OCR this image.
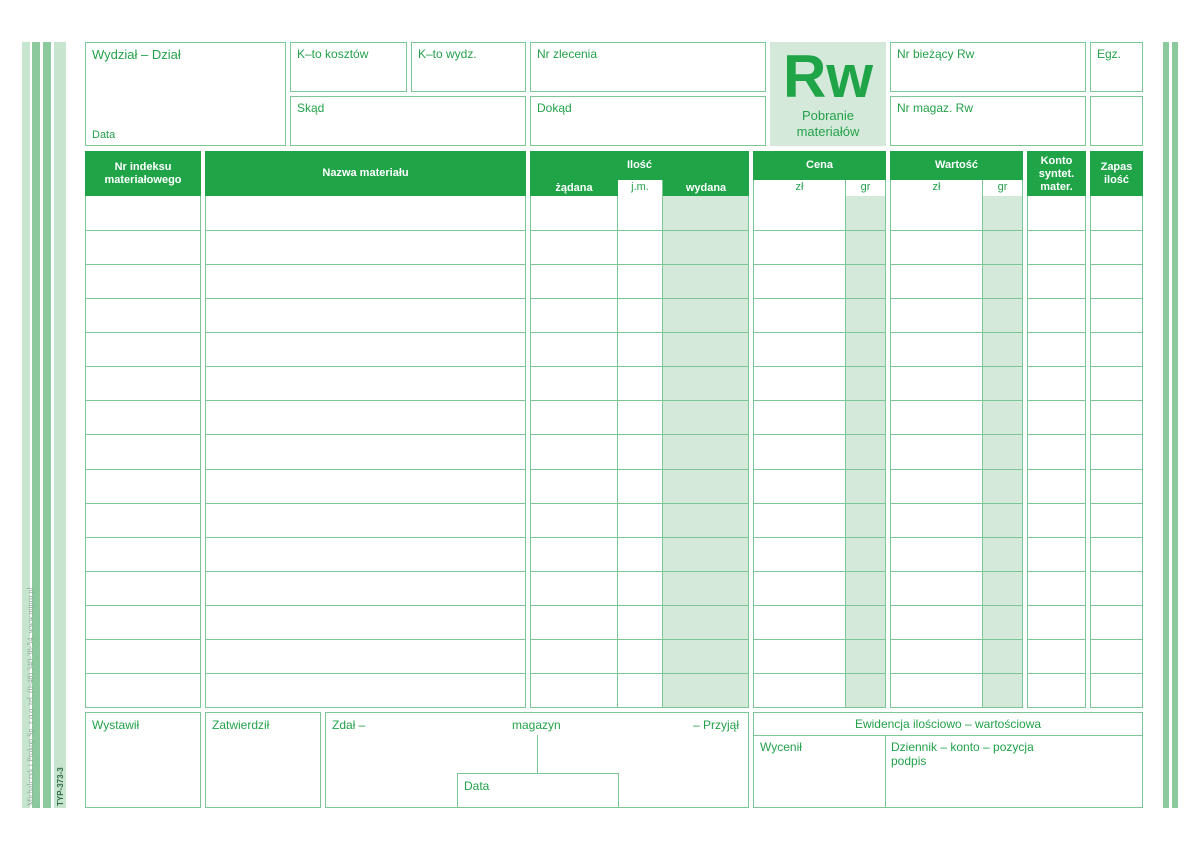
Michalczyk i Prokop Sp. z o.o. tel. (0-48) 340-38-54, www.mipro.pl	TYP-373-3
Wydział – Dział
Data
K–to kosztów	K–to wydz.
Skąd
Nr zlecenia
Dokąd	Rw
Pobranie
materiałów
Nr bieżący Rw	Egz.
Nr magaz. Rw
Nr indeksu materiałowego
Nazwa materiału
Ilość
żądana	j.m.	wydana
Cena
zł	gr
Wartość
zł	gr
Konto syntet. mater.
Zapas ilość
Wystawił	Zatwierdził	Zdał –	magazyn	– Przyjął
Data
Ewidencja ilościowo – wartościowa
Wycenił	Dziennik – konto – pozycja
podpis
